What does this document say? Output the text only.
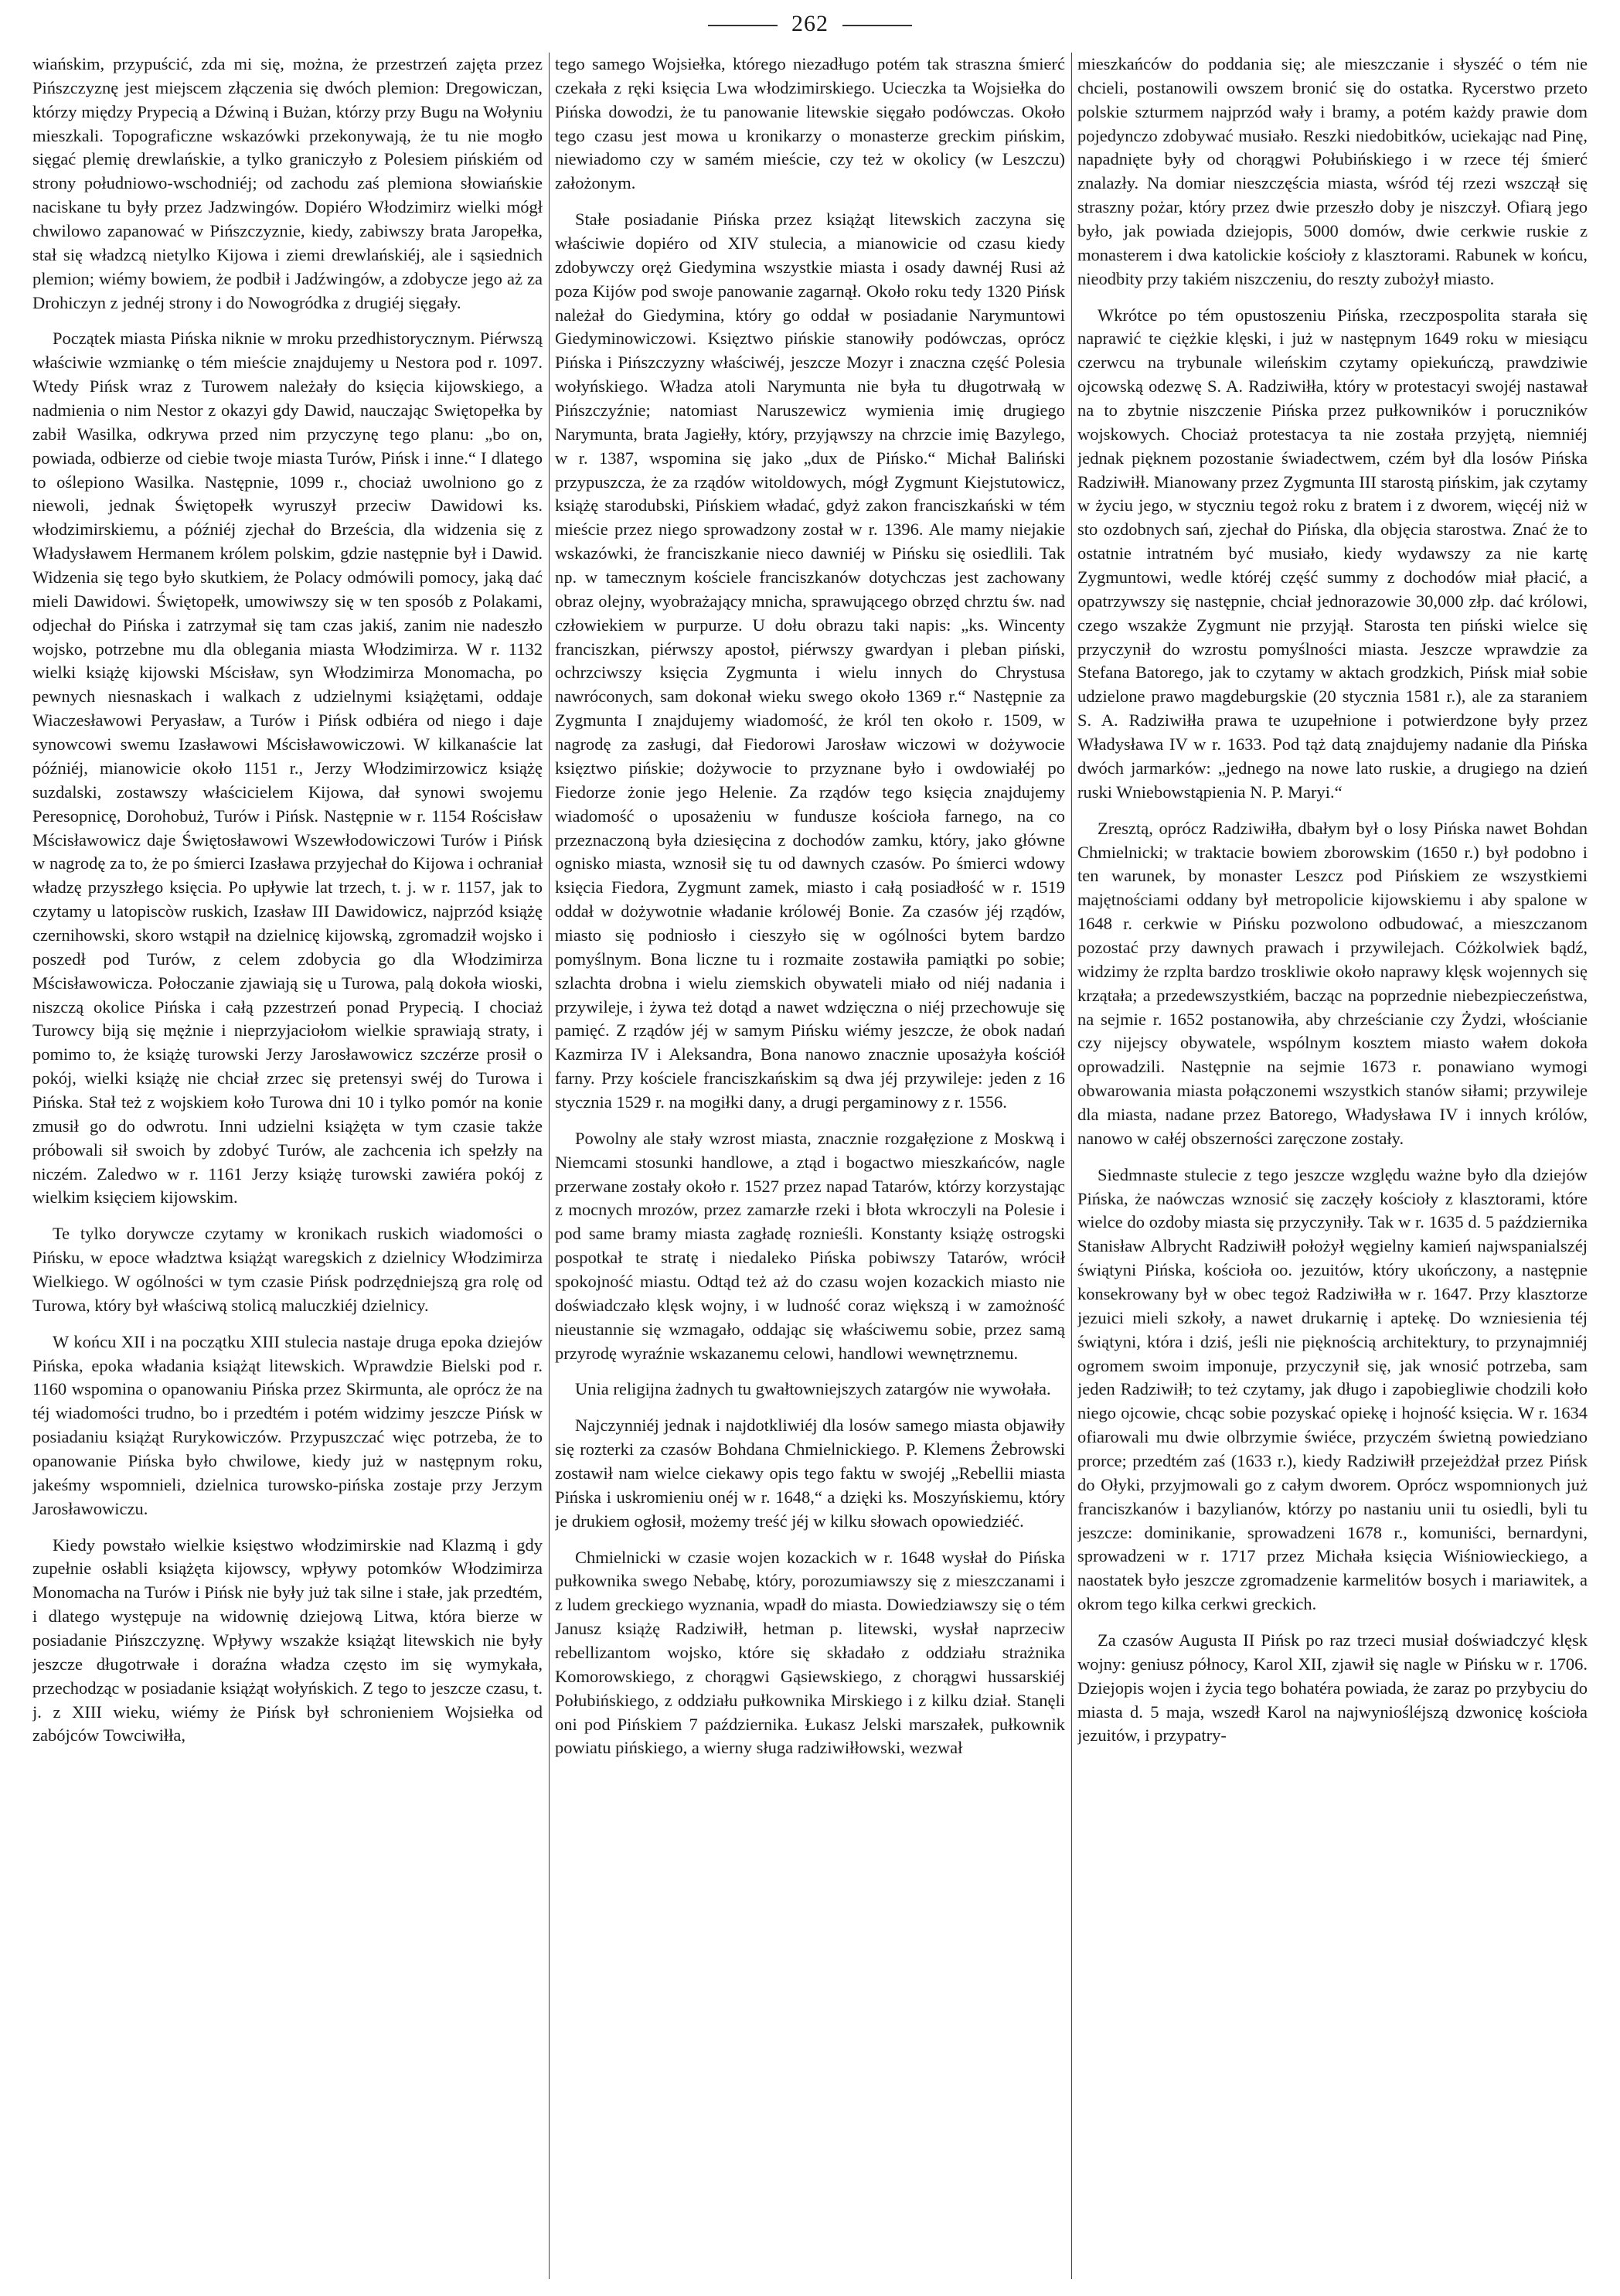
262

wiańskim, przypuścić, zda mi się, można, że przestrzeń zajęta przez Pińszczyznę jest miejscem złączenia się dwóch plemion: Dregowiczan, którzy między Prypecią a Dźwiną i Bużan, którzy przy Bugu na Wołyniu mieszkali. Topograficzne wskazówki przekonywają, że tu nie mogło sięgać plemię drewlańskie, a tylko graniczyło z Polesiem pińskiém od strony południowo-wschodniéj; od zachodu zaś plemiona słowiańskie naciskane tu były przez Jadzwingów. Dopiéro Włodzimirz wielki mógł chwilowo zapanować w Pińszczyznie, kiedy, zabiwszy brata Jaropełka, stał się władzcą nietylko Kijowa i ziemi drewlańskiéj, ale i sąsiednich plemion; wiémy bowiem, że podbił i Jadźwingów, a zdobycze jego aż za Drohiczyn z jednéj strony i do Nowogródka z drugiéj sięgały.

Początek miasta Pińska niknie w mroku przedhistorycznym. Piérwszą właściwie wzmiankę o tém mieście znajdujemy u Nestora pod r. 1097. Wtedy Pińsk wraz z Turowem należały do księcia kijowskiego, a nadmienia o nim Nestor z okazyi gdy Dawid, nauczając Swiętopełka by zabił Wasilka, odkrywa przed nim przyczynę tego planu: „bo on, powiada, odbierze od ciebie twoje miasta Turów, Pińsk i inne.“ I dlatego to oślepiono Wasilka. Następnie, 1099 r., chociaż uwolniono go z niewoli, jednak Świętopełk wyruszył przeciw Dawidowi ks. włodzimirskiemu, a późniéj zjechał do Brześcia, dla widzenia się z Władysławem Hermanem królem polskim, gdzie następnie był i Dawid. Widzenia się tego było skutkiem, że Polacy odmówili pomocy, jaką dać mieli Dawidowi. Świętopełk, umowiwszy się w ten sposób z Polakami, odjechał do Pińska i zatrzymał się tam czas jakiś, zanim nie nadeszło wojsko, potrzebne mu dla oblegania miasta Włodzimirza. W r. 1132 wielki książę kijowski Mścisław, syn Włodzimirza Monomacha, po pewnych niesnaskach i walkach z udzielnymi książętami, oddaje Wiaczesławowi Peryasław, a Turów i Pińsk odbiéra od niego i daje synowcowi swemu Izasławowi Mścisławowiczowi. W kilkanaście lat późniéj, mianowicie około 1151 r., Jerzy Włodzimirzowicz książę suzdalski, zostawszy właścicielem Kijowa, dał synowi swojemu Peresopnicę, Dorohobuż, Turów i Pińsk. Następnie w r. 1154 Rościsław Mścisławowicz daje Świętosławowi Wszewłodowiczowi Turów i Pińsk w nagrodę za to, że po śmierci Izasława przyjechał do Kijowa i ochraniał władzę przyszłego księcia. Po upływie lat trzech, t. j. w r. 1157, jak to czytamy u latopiscòw ruskich, Izasław III Dawidowicz, najprzód książę czernihowski, skoro wstąpił na dzielnicę kijowską, zgromadził wojsko i poszedł pod Turów, z celem zdobycia go dla Włodzimirza Mścisławowicza. Połoczanie zjawiają się u Turowa, palą dokoła wioski, niszczą okolice Pińska i całą pzzestrzeń ponad Prypecią. I chociaż Turowcy biją się mężnie i nieprzyjaciołom wielkie sprawiają straty, i pomimo to, że książę turowski Jerzy Jarosławowicz szczérze prosił o pokój, wielki książę nie chciał zrzec się pretensyi swéj do Turowa i Pińska. Stał też z wojskiem koło Turowa dni 10 i tylko pomór na konie zmusił go do odwrotu. Inni udzielni książęta w tym czasie także próbowali sił swoich by zdobyć Turów, ale zachcenia ich spełzły na niczém. Zaledwo w r. 1161 Jerzy książę turowski zawiéra pokój z wielkim księciem kijowskim.

Te tylko dorywcze czytamy w kronikach ruskich wiadomości o Pińsku, w epoce władztwa książąt waregskich z dzielnicy Włodzimirza Wielkiego. W ogólności w tym czasie Pińsk podrzędniejszą gra rolę od Turowa, który był właściwą stolicą maluczkiéj dzielnicy.

W końcu XII i na początku XIII stulecia nastaje druga epoka dziejów Pińska, epoka władania książąt litewskich. Wprawdzie Bielski pod r. 1160 wspomina o opanowaniu Pińska przez Skirmunta, ale oprócz że na téj wiadomości trudno, bo i przedtém i potém widzimy jeszcze Pińsk w posiadaniu książąt Rurykowiczów. Przypuszczać więc potrzeba, że to opanowanie Pińska było chwilowe, kiedy już w następnym roku, jakeśmy wspomnieli, dzielnica turowsko-pińska zostaje przy Jerzym Jarosławowiczu.

Kiedy powstało wielkie księstwo włodzimirskie nad Klazmą i gdy zupełnie osłabli książęta kijowscy, wpływy potomków Włodzimirza Monomacha na Turów i Pińsk nie były już tak silne i stałe, jak przedtém, i dlatego występuje na widownię dziejową Litwa, która bierze w posiadanie Pińszczyznę. Wpływy wszakże książąt litewskich nie były jeszcze długotrwałe i doraźna władza często im się wymykała, przechodząc w posiadanie książąt wołyńskich. Z tego to jeszcze czasu, t. j. z XIII wieku, wiémy że Pińsk był schronieniem Wojsiełka od zabójców Towciwiłła,

tego samego Wojsiełka, którego niezadługo potém tak straszna śmierć czekała z ręki księcia Lwa włodzimirskiego. Ucieczka ta Wojsiełka do Pińska dowodzi, że tu panowanie litewskie sięgało podówczas. Około tego czasu jest mowa u kronikarzy o monasterze greckim pińskim, niewiadomo czy w samém mieście, czy też w okolicy (w Leszczu) założonym.

Stałe posiadanie Pińska przez książąt litewskich zaczyna się właściwie dopiéro od XIV stulecia, a mianowicie od czasu kiedy zdobywczy oręż Giedymina wszystkie miasta i osady dawnéj Rusi aż poza Kijów pod swoje panowanie zagarnął. Około roku tedy 1320 Pińsk należał do Giedymina, który go oddał w posiadanie Narymuntowi Giedyminowiczowi. Księztwo pińskie stanowiły podówczas, oprócz Pińska i Pińszczyzny właściwéj, jeszcze Mozyr i znaczna część Polesia wołyńskiego. Władza atoli Narymunta nie była tu długotrwałą w Pińszczyźnie; natomiast Naruszewicz wymienia imię drugiego Narymunta, brata Jagiełły, który, przyjąwszy na chrzcie imię Bazylego, w r. 1387, wspomina się jako „dux de Pińsko.“ Michał Baliński przypuszcza, że za rządów witoldowych, mógł Zygmunt Kiejstutowicz, książę starodubski, Pińskiem władać, gdyż zakon franciszkański w tém mieście przez niego sprowadzony został w r. 1396. Ale mamy niejakie wskazówki, że franciszkanie nieco dawniéj w Pińsku się osiedlili. Tak np. w tamecznym kościele franciszkanów dotychczas jest zachowany obraz olejny, wyobrażający mnicha, sprawującego obrzęd chrztu św. nad człowiekiem w purpurze. U dołu obrazu taki napis: „ks. Wincenty franciszkan, piérwszy apostoł, piérwszy gwardyan i pleban piński, ochrzciwszy księcia Zygmunta i wielu innych do Chrystusa nawróconych, sam dokonał wieku swego około 1369 r.“ Następnie za Zygmunta I znajdujemy wiadomość, że król ten około r. 1509, w nagrodę za zasługi, dał Fiedorowi Jarosław wiczowi w dożywocie księztwo pińskie; dożywocie to przyznane było i owdowiałéj po Fiedorze żonie jego Helenie. Za rządów tego księcia znajdujemy wiadomość o uposażeniu w fundusze kościoła farnego, na co przeznaczoną była dziesięcina z dochodów zamku, który, jako główne ognisko miasta, wznosił się tu od dawnych czasów. Po śmierci wdowy księcia Fiedora, Zygmunt zamek, miasto i całą posiadłość w r. 1519 oddał w dożywotnie władanie królowéj Bonie. Za czasów jéj rządów, miasto się podniosło i cieszyło się w ogólności bytem bardzo pomyślnym. Bona liczne tu i rozmaite zostawiła pamiątki po sobie; szlachta drobna i wielu ziemskich obywateli miało od niéj nadania i przywileje, i żywa też dotąd a nawet wdzięczna o niéj przechowuje się pamięć. Z rządów jéj w samym Pińsku wiémy jeszcze, że obok nadań Kazmirza IV i Aleksandra, Bona nanowo znacznie uposażyła kościół farny. Przy kościele franciszkańskim są dwa jéj przywileje: jeden z 16 stycznia 1529 r. na mogiłki dany, a drugi pergaminowy z r. 1556.

Powolny ale stały wzrost miasta, znacznie rozgałęzione z Moskwą i Niemcami stosunki handlowe, a ztąd i bogactwo mieszkańców, nagle przerwane zostały około r. 1527 przez napad Tatarów, którzy korzystając z mocnych mrozów, przez zamarzłe rzeki i błota wkroczyli na Polesie i pod same bramy miasta zagładę roznieśli. Konstanty książę ostrogski pospotkał te stratę i niedaleko Pińska pobiwszy Tatarów, wrócił spokojność miastu. Odtąd też aż do czasu wojen kozackich miasto nie doświadczało klęsk wojny, i w ludność coraz większą i w zamożność nieustannie się wzmagało, oddając się właściwemu sobie, przez samą przyrodę wyraźnie wskazanemu celowi, handlowi wewnętrznemu.

Unia religijna żadnych tu gwałtowniejszych zatargów nie wywołała.

Najczynniéj jednak i najdotkliwiéj dla losów samego miasta objawiły się rozterki za czasów Bohdana Chmielnickiego. P. Klemens Żebrowski zostawił nam wielce ciekawy opis tego faktu w swojéj „Rebellii miasta Pińska i uskromieniu onéj w r. 1648,“ a dzięki ks. Moszyńskiemu, który je drukiem ogłosił, możemy treść jéj w kilku słowach opowiedziéć.

Chmielnicki w czasie wojen kozackich w r. 1648 wysłał do Pińska pułkownika swego Nebabę, który, porozumiawszy się z mieszczanami i z ludem greckiego wyznania, wpadł do miasta. Dowiedziawszy się o tém Janusz książę Radziwiłł, hetman p. litewski, wysłał naprzeciw rebellizantom wojsko, które się składało z oddziału strażnika Komorowskiego, z chorągwi Gąsiewskiego, z chorągwi hussarskiéj Połubińskiego, z oddziału pułkownika Mirskiego i z kilku dział. Stanęli oni pod Pińskiem 7 października. Łukasz Jelski marszałek, pułkownik powiatu pińskiego, a wierny sługa radziwiłłowski, wezwał

mieszkańców do poddania się; ale mieszczanie i słyszéć o tém nie chcieli, postanowili owszem bronić się do ostatka. Rycerstwo przeto polskie szturmem najprzód wały i bramy, a potém każdy prawie dom pojedynczo zdobywać musiało. Reszki niedobitków, uciekając nad Pinę, napadnięte były od chorągwi Połubińskiego i w rzece téj śmierć znalazły. Na domiar nieszczęścia miasta, wśród téj rzezi wszczął się straszny pożar, który przez dwie przeszło doby je niszczył. Ofiarą jego było, jak powiada dziejopis, 5000 domów, dwie cerkwie ruskie z monasterem i dwa katolickie kościoły z klasztorami. Rabunek w końcu, nieodbity przy takiém niszczeniu, do reszty zubożył miasto.

Wkrótce po tém opustoszeniu Pińska, rzeczpospolita starała się naprawić te ciężkie klęski, i już w następnym 1649 roku w miesiącu czerwcu na trybunale wileńskim czytamy opiekuńczą, prawdziwie ojcowską odezwę S. A. Radziwiłła, który w protestacyi swojéj nastawał na to zbytnie niszczenie Pińska przez pułkowników i poruczników wojskowych. Chociaż protestacya ta nie została przyjętą, niemniéj jednak pięknem pozostanie świadectwem, czém był dla losów Pińska Radziwiłł. Mianowany przez Zygmunta III starostą pińskim, jak czytamy w życiu jego, w styczniu tegoż roku z bratem i z dworem, więcéj niż w sto ozdobnych sań, zjechał do Pińska, dla objęcia starostwa. Znać że to ostatnie intratném być musiało, kiedy wydawszy za nie kartę Zygmuntowi, wedle któréj część summy z dochodów miał płacić, a opatrzywszy się następnie, chciał jednorazowie 30,000 złp. dać królowi, czego wszakże Zygmunt nie przyjął. Starosta ten piński wielce się przyczynił do wzrostu pomyślności miasta. Jeszcze wprawdzie za Stefana Batorego, jak to czytamy w aktach grodzkich, Pińsk miał sobie udzielone prawo magdeburgskie (20 stycznia 1581 r.), ale za staraniem S. A. Radziwiłła prawa te uzupełnione i potwierdzone były przez Władysława IV w r. 1633. Pod tąż datą znajdujemy nadanie dla Pińska dwóch jarmarków: „jednego na nowe lato ruskie, a drugiego na dzień ruski Wniebowstąpienia N. P. Maryi.“

Zresztą, oprócz Radziwiłła, dbałym był o losy Pińska nawet Bohdan Chmielnicki; w traktacie bowiem zborowskim (1650 r.) był podobno i ten warunek, by monaster Leszcz pod Pińskiem ze wszystkiemi majętnościami oddany był metropolicie kijowskiemu i aby spalone w 1648 r. cerkwie w Pińsku pozwolono odbudować, a mieszczanom pozostać przy dawnych prawach i przywilejach. Cóżkolwiek bądź, widzimy że rzplta bardzo troskliwie około naprawy klęsk wojennych się krzątała; a przedewszystkiém, bacząc na poprzednie niebezpieczeństwa, na sejmie r. 1652 postanowiła, aby chrześcianie czy Żydzi, włościanie czy nijejscy obywatele, wspólnym kosztem miasto wałem dokoła oprowadzili. Następnie na sejmie 1673 r. ponawiano wymogi obwarowania miasta połączonemi wszystkich stanów siłami; przywileje dla miasta, nadane przez Batorego, Władysława IV i innych królów, nanowo w całéj obszerności zaręczone zostały.

Siedmnaste stulecie z tego jeszcze względu ważne było dla dziejów Pińska, że naówczas wznosić się zaczęły kościoły z klasztorami, które wielce do ozdoby miasta się przyczyniły. Tak w r. 1635 d. 5 października Stanisław Albrycht Radziwiłł położył węgielny kamień najwspanialszéj świątyni Pińska, kościoła oo. jezuitów, który ukończony, a następnie konsekrowany był w obec tegoż Radziwiłła w r. 1647. Przy klasztorze jezuici mieli szkoły, a nawet drukarnię i aptekę. Do wzniesienia téj świątyni, która i dziś, jeśli nie pięknością architektury, to przynajmniéj ogromem swoim imponuje, przyczynił się, jak wnosić potrzeba, sam jeden Radziwiłł; to też czytamy, jak długo i zapobiegliwie chodzili koło niego ojcowie, chcąc sobie pozyskać opiekę i hojność księcia. W r. 1634 ofiarowali mu dwie olbrzymie świéce, przyczém świetną powiedziano prorce; przedtém zaś (1633 r.), kiedy Radziwiłł przejeżdżał przez Pińsk do Ołyki, przyjmowali go z całym dworem. Oprócz wspomnionych już franciszkanów i bazylianów, którzy po nastaniu unii tu osiedli, byli tu jeszcze: dominikanie, sprowadzeni 1678 r., komuniści, bernardyni, sprowadzeni w r. 1717 przez Michała księcia Wiśniowieckiego, a naostatek było jeszcze zgromadzenie karmelitów bosych i mariawitek, a okrom tego kilka cerkwi greckich.

Za czasów Augusta II Pińsk po raz trzeci musiał doświadczyć klęsk wojny: geniusz północy, Karol XII, zjawił się nagle w Pińsku w r. 1706. Dziejopis wojen i życia tego bohatéra powiada, że zaraz po przybyciu do miasta d. 5 maja, wszedł Karol na najwyniośléjszą dzwonicę kościoła jezuitów, i przypatry-
